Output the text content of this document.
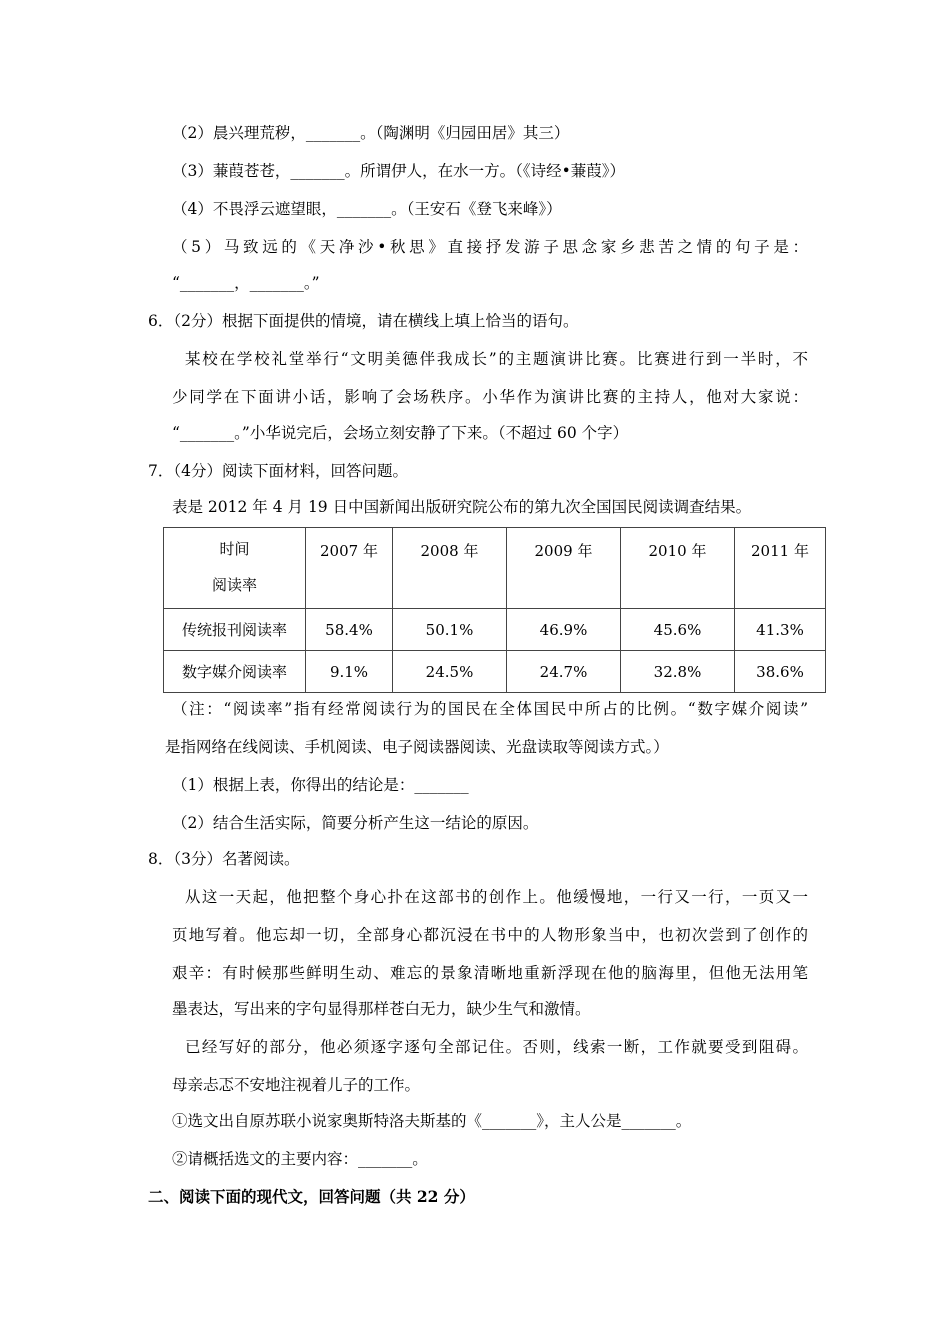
（2）晨兴理荒秽，_______。（陶渊明《归园田居》其三）
（3）蒹葭苍苍，_______。所谓伊人，在水一方。（《诗经•蒹葭》）
（4）不畏浮云遮望眼，_______。（王安石《登飞来峰》）
（5）马致远的《天净沙•秋思》直接抒发游子思念家乡悲苦之情的句子是：
“_______，_______。”
6．（2分）根据下面提供的情境，请在横线上填上恰当的语句。
某校在学校礼堂举行“文明美德伴我成长”的主题演讲比赛。比赛进行到一半时，不
少同学在下面讲小话，影响了会场秩序。小华作为演讲比赛的主持人，他对大家说：
“_______。”小华说完后，会场立刻安静了下来。（不超过 60 个字）
7．（4分）阅读下面材料，回答问题。
表是 2012 年 4 月 19 日中国新闻出版研究院公布的第九次全国国民阅读调查结果。
时间
阅读率	2007 年	2008 年	2009 年	2010 年	2011 年
传统报刊阅读率	58.4%	50.1%	46.9%	45.6%	41.3%
数字媒介阅读率	9.1%	24.5%	24.7%	32.8%	38.6%
（注：“阅读率”指有经常阅读行为的国民在全体国民中所占的比例。“数字媒介阅读”
是指网络在线阅读、手机阅读、电子阅读器阅读、光盘读取等阅读方式。）
（1）根据上表，你得出的结论是：_______
（2）结合生活实际，简要分析产生这一结论的原因。
8．（3分）名著阅读。
从这一天起，他把整个身心扑在这部书的创作上。他缓慢地，一行又一行，一页又一
页地写着。他忘却一切，全部身心都沉浸在书中的人物形象当中，也初次尝到了创作的
艰辛：有时候那些鲜明生动、难忘的景象清晰地重新浮现在他的脑海里，但他无法用笔
墨表达，写出来的字句显得那样苍白无力，缺少生气和激情。
已经写好的部分，他必须逐字逐句全部记住。否则，线索一断，工作就要受到阻碍。
母亲忐忑不安地注视着儿子的工作。
①选文出自原苏联小说家奥斯特洛夫斯基的《_______》，主人公是_______。
②请概括选文的主要内容：_______。
二、阅读下面的现代文，回答问题（共 22 分）
